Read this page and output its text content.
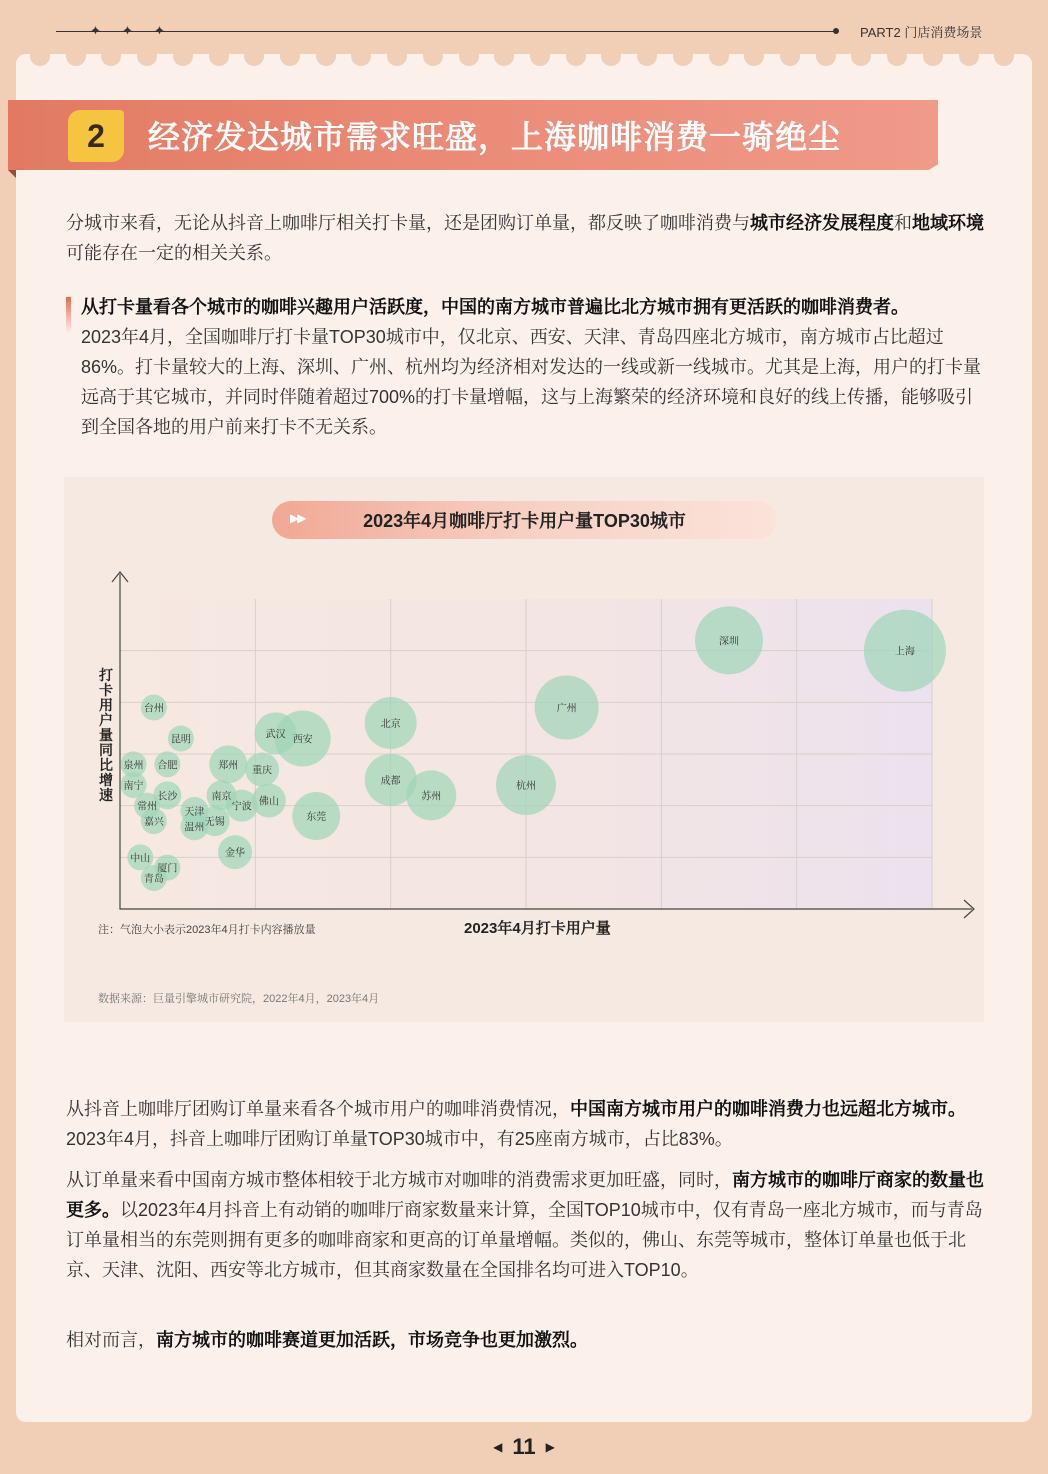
✦ ✦ ✦	PART2 门店消费场景
2	经济发达城市需求旺盛，上海咖啡消费一骑绝尘
分城市来看，无论从抖音上咖啡厅相关打卡量，还是团购订单量，都反映了咖啡消费与城市经济发展程度和地域环境可能存在一定的相关关系。
从打卡量看各个城市的咖啡兴趣用户活跃度，中国的南方城市普遍比北方城市拥有更活跃的咖啡消费者。
2023年4月，全国咖啡厅打卡量TOP30城市中，仅北京、西安、天津、青岛四座北方城市，南方城市占比超过86%。打卡量较大的上海、深圳、广州、杭州均为经济相对发达的一线或新一线城市。尤其是上海，用户的打卡量远高于其它城市，并同时伴随着超过700%的打卡量增幅，这与上海繁荣的经济环境和良好的线上传播，能够吸引到全国各地的用户前来打卡不无关系。
▶▶	2023年4月咖啡厅打卡用户量TOP30城市
打卡用户量同比增速
上海
深圳
广州
杭州
北京
成都
苏州
西安
东莞
武汉
郑州 重庆
佛山
宁波
南京
金华
无锡
温州
天津
长沙
合肥
昆明
台州
泉州
南宁
常州
嘉兴
中山
厦门
青岛
注：气泡大小表示2023年4月打卡内容播放量	2023年4月打卡用户量
数据来源：巨量引擎城市研究院，2022年4月，2023年4月
从抖音上咖啡厅团购订单量来看各个城市用户的咖啡消费情况，中国南方城市用户的咖啡消费力也远超北方城市。2023年4月，抖音上咖啡厅团购订单量TOP30城市中，有25座南方城市，占比83%。
从订单量来看中国南方城市整体相较于北方城市对咖啡的消费需求更加旺盛，同时，南方城市的咖啡厅商家的数量也更多。以2023年4月抖音上有动销的咖啡厅商家数量来计算，全国TOP10城市中，仅有青岛一座北方城市，而与青岛订单量相当的东莞则拥有更多的咖啡商家和更高的订单量增幅。类似的，佛山、东莞等城市，整体订单量也低于北京、天津、沈阳、西安等北方城市，但其商家数量在全国排名均可进入TOP10。
相对而言，南方城市的咖啡赛道更加活跃，市场竞争也更加激烈。
◀ 11 ▶
